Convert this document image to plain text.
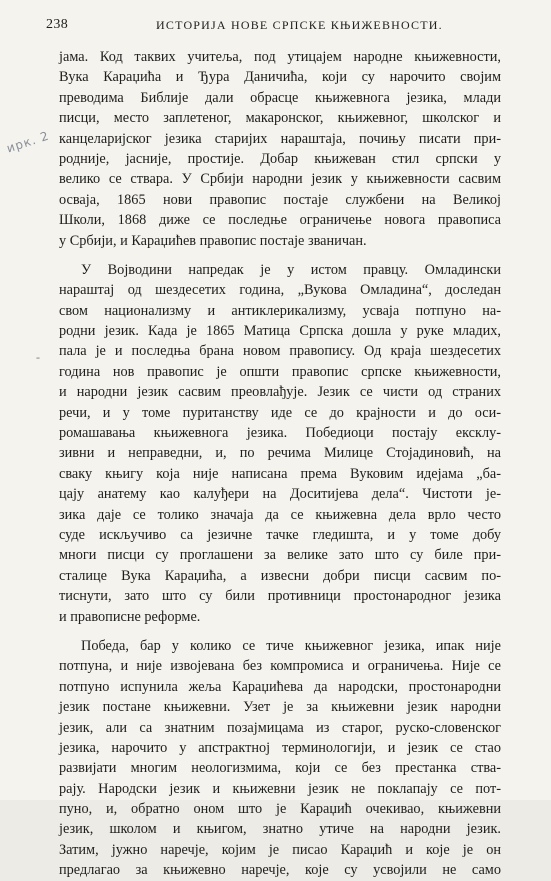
238	ИСТОРИЈА НОВЕ СРПСКЕ КЊИЖЕВНОСТИ.
ирк. 2
-
јама. Код таквих учитеља, под утицајем народне књижевности,
Вука Караџића и Ђура Даничића, који су нарочито својим
преводима Библије дали обрасце књижевнога језика, млади
писци, место заплетеног, макаронског, књижевног, школског и
канцеларијског језика старијих нараштаја, почињу писати при-
родније, јасније, простије. Добар књижеван стил српски у
велико се ствара. У Србији народни језик у књижевности сасвим
осваја, 1865 нови правопис постаје службени на Великој
Школи, 1868 диже се последње ограничење новога правописа
у Србији, и Караџићев правопис постаје званичан.
У Војводини напредак је у истом правцу. Омладински
нараштај од шездесетих година, „Вукова Омладина“, доследан
свом национализму и антиклерикализму, усваја потпуно на-
родни језик. Када је 1865 Матица Српска дошла у руке младих,
пала је и последња брана новом правопису. Од краја шездесетих
година нов правопис је општи правопис српске књижевности,
и народни језик сасвим преовлађује. Језик се чисти од страних
речи, и у томе пуританству иде се до крајности и до оси-
ромашавања књижевнога језика. Победиоци постају ексклу-
зивни и неправедни, и, по речима Милице Стојадиновић, на
сваку књигу која није написана према Вуковим идејама „ба-
цају анатему као калуђери на Доситијева дела“. Чистоти је-
зика даје се толико значаја да се књижевна дела врло често
суде искључиво са језичне тачке гледишта, и у томе добу
многи писци су проглашени за велике зато што су биле при-
сталице Вука Караџића, а извесни добри писци сасвим по-
тиснути, зато што су били противници простонародног језика
и правописне реформе.
Победа, бар у колико се тиче књижевног језика, ипак није
потпуна, и није извојевана без компромиса и ограничења. Није се
потпуно испунила жеља Караџићева да народски, простонародни
језик постане књижевни. Узет је за књижевни језик народни
језик, али са знатним позајмицама из старог, руско-словенског
језика, нарочито у апстрактној терминологији, и језик се стао
развијати многим неологизмима, који се без престанка ства-
рају. Народски језик и књижевни језик не поклапају се пот-
пуно, и, обратно оном што је Караџић очекивао, књижевни
језик, школом и књигом, знатно утиче на народни језик.
Затим, јужно наречје, којим је писао Караџић и које је он
предлагао за књижевно наречје, које су усвојили не само
